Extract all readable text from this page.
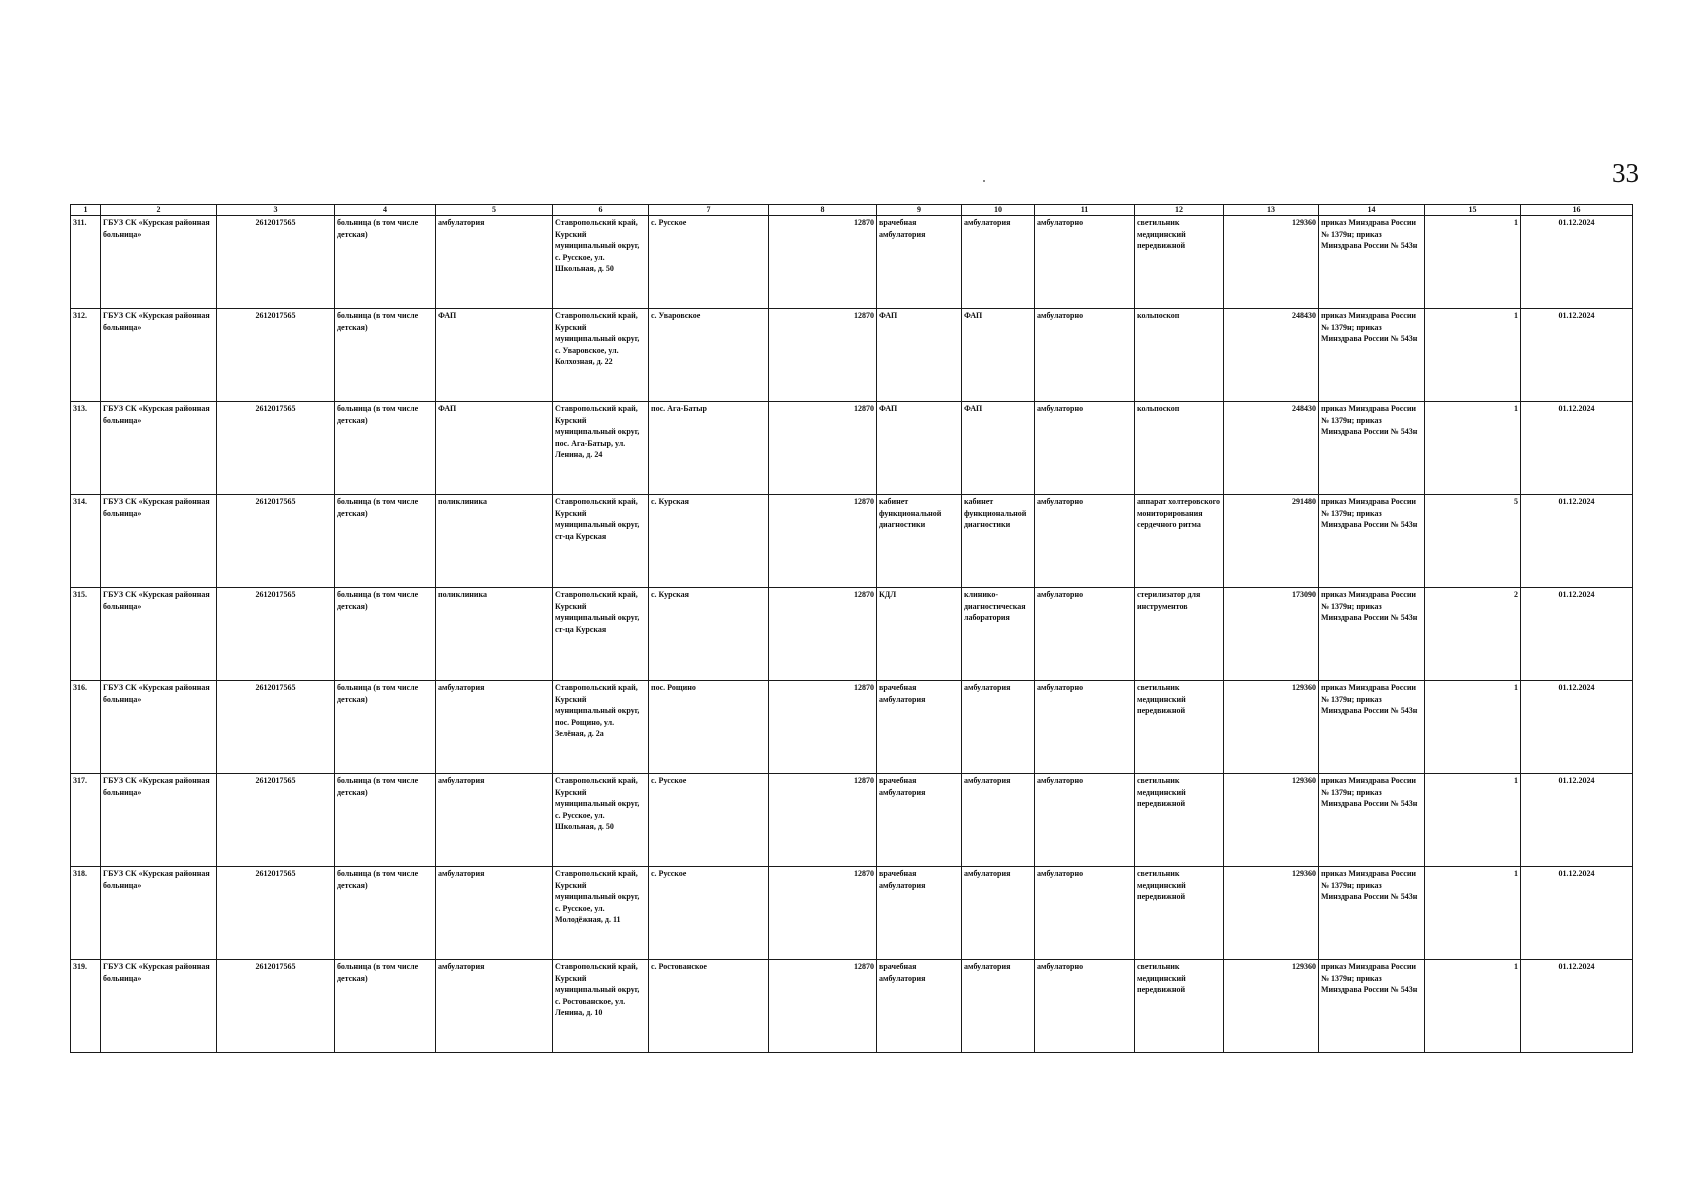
33
1	2	3	4	5	6	7	8	9	10	11	12	13	14	15	16
311.	ГБУЗ СК «Курская районная больница»	2612017565	больница (в том числе детская)	амбулатория	Ставропольский край, Курский муниципальный округ, с. Русское, ул. Школьная, д. 50	с. Русское	12870	врачебная амбулатория	амбулатория	амбулаторно	светильник медицинский передвижной	129360	приказ Минздрава России № 1379н; приказ Минздрава России № 543н	1	01.12.2024
312.	ГБУЗ СК «Курская районная больница»	2612017565	больница (в том числе детская)	ФАП	Ставропольский край, Курский муниципальный округ, с. Уваровское, ул. Колхозная, д. 22	с. Уваровское	12870	ФАП	ФАП	амбулаторно	кольпоскоп	248430	приказ Минздрава России № 1379н; приказ Минздрава России № 543н	1	01.12.2024
313.	ГБУЗ СК «Курская районная больница»	2612017565	больница (в том числе детская)	ФАП	Ставропольский край, Курский муниципальный округ, пос. Ага-Батыр, ул. Ленина, д. 24	пос. Ага-Батыр	12870	ФАП	ФАП	амбулаторно	кольпоскоп	248430	приказ Минздрава России № 1379н; приказ Минздрава России № 543н	1	01.12.2024
314.	ГБУЗ СК «Курская районная больница»	2612017565	больница (в том числе детская)	поликлиника	Ставропольский край, Курский муниципальный округ, ст-ца Курская	с. Курская	12870	кабинет функциональной диагностики	кабинет функциональной диагностики	амбулаторно	аппарат холтеровского мониторирования сердечного ритма	291480	приказ Минздрава России № 1379н; приказ Минздрава России № 543н	5	01.12.2024
315.	ГБУЗ СК «Курская районная больница»	2612017565	больница (в том числе детская)	поликлиника	Ставропольский край, Курский муниципальный округ, ст-ца Курская	с. Курская	12870	КДЛ	клинико-диагностическая лаборатория	амбулаторно	стерилизатор для инструментов	173090	приказ Минздрава России № 1379н; приказ Минздрава России № 543н	2	01.12.2024
316.	ГБУЗ СК «Курская районная больница»	2612017565	больница (в том числе детская)	амбулатория	Ставропольский край, Курский муниципальный округ, пос. Рощино, ул. Зелёная, д. 2а	пос. Рощино	12870	врачебная амбулатория	амбулатория	амбулаторно	светильник медицинский передвижной	129360	приказ Минздрава России № 1379н; приказ Минздрава России № 543н	1	01.12.2024
317.	ГБУЗ СК «Курская районная больница»	2612017565	больница (в том числе детская)	амбулатория	Ставропольский край, Курский муниципальный округ, с. Русское, ул. Школьная, д. 50	с. Русское	12870	врачебная амбулатория	амбулатория	амбулаторно	светильник медицинский передвижной	129360	приказ Минздрава России № 1379н; приказ Минздрава России № 543н	1	01.12.2024
318.	ГБУЗ СК «Курская районная больница»	2612017565	больница (в том числе детская)	амбулатория	Ставропольский край, Курский муниципальный округ, с. Русское, ул. Молодёжная, д. 11	с. Русское	12870	врачебная амбулатория	амбулатория	амбулаторно	светильник медицинский передвижной	129360	приказ Минздрава России № 1379н; приказ Минздрава России № 543н	1	01.12.2024
319.	ГБУЗ СК «Курская районная больница»	2612017565	больница (в том числе детская)	амбулатория	Ставропольский край, Курский муниципальный округ, с. Ростованское, ул. Ленина, д. 10	с. Ростованское	12870	врачебная амбулатория	амбулатория	амбулаторно	светильник медицинский передвижной	129360	приказ Минздрава России № 1379н; приказ Минздрава России № 543н	1	01.12.2024
